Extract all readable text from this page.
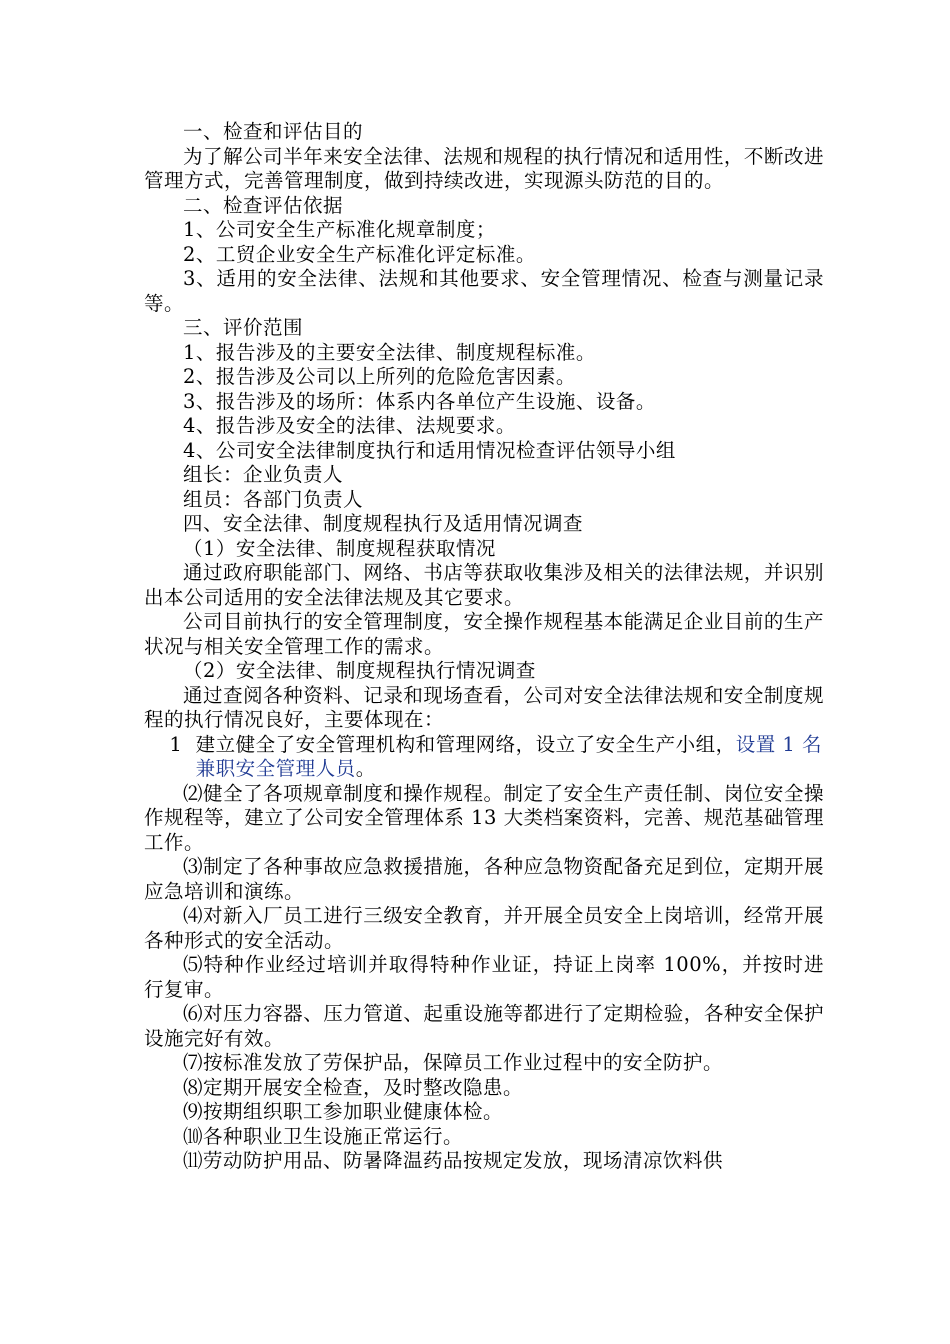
一、检查和评估目的

为了解公司半年来安全法律、法规和规程的执行情况和适用性，不断改进管理方式，完善管理制度，做到持续改进，实现源头防范的目的。

二、检查评估依据

1、公司安全生产标准化规章制度；

2、工贸企业安全生产标准化评定标准。

3、适用的安全法律、法规和其他要求、安全管理情况、检查与测量记录等。

三、评价范围

1、报告涉及的主要安全法律、制度规程标准。

2、报告涉及公司以上所列的危险危害因素。

3、报告涉及的场所：体系内各单位产生设施、设备。

4、报告涉及安全的法律、法规要求。

4、公司安全法律制度执行和适用情况检查评估领导小组

组长：企业负责人

组员：各部门负责人

四、安全法律、制度规程执行及适用情况调查

（1）安全法律、制度规程获取情况

通过政府职能部门、网络、书店等获取收集涉及相关的法律法规，并识别出本公司适用的安全法律法规及其它要求。

公司目前执行的安全管理制度，安全操作规程基本能满足企业目前的生产状况与相关安全管理工作的需求。

（2）安全法律、制度规程执行情况调查

通过查阅各种资料、记录和现场查看，公司对安全法律法规和安全制度规程的执行情况良好，主要体现在：

1 建立健全了安全管理机构和管理网络，设立了安全生产小组，设置 1 名兼职安全管理人员。

⑵健全了各项规章制度和操作规程。制定了安全生产责任制、岗位安全操作规程等，建立了公司安全管理体系 13 大类档案资料，完善、规范基础管理工作。

⑶制定了各种事故应急救援措施，各种应急物资配备充足到位，定期开展应急培训和演练。

⑷对新入厂员工进行三级安全教育，并开展全员安全上岗培训，经常开展各种形式的安全活动。

⑸特种作业经过培训并取得特种作业证，持证上岗率 100%，并按时进行复审。

⑹对压力容器、压力管道、起重设施等都进行了定期检验，各种安全保护设施完好有效。

⑺按标准发放了劳保护品，保障员工作业过程中的安全防护。

⑻定期开展安全检查，及时整改隐患。

⑼按期组织职工参加职业健康体检。

⑽各种职业卫生设施正常运行。

⑾劳动防护用品、防暑降温药品按规定发放，现场清凉饮料供
